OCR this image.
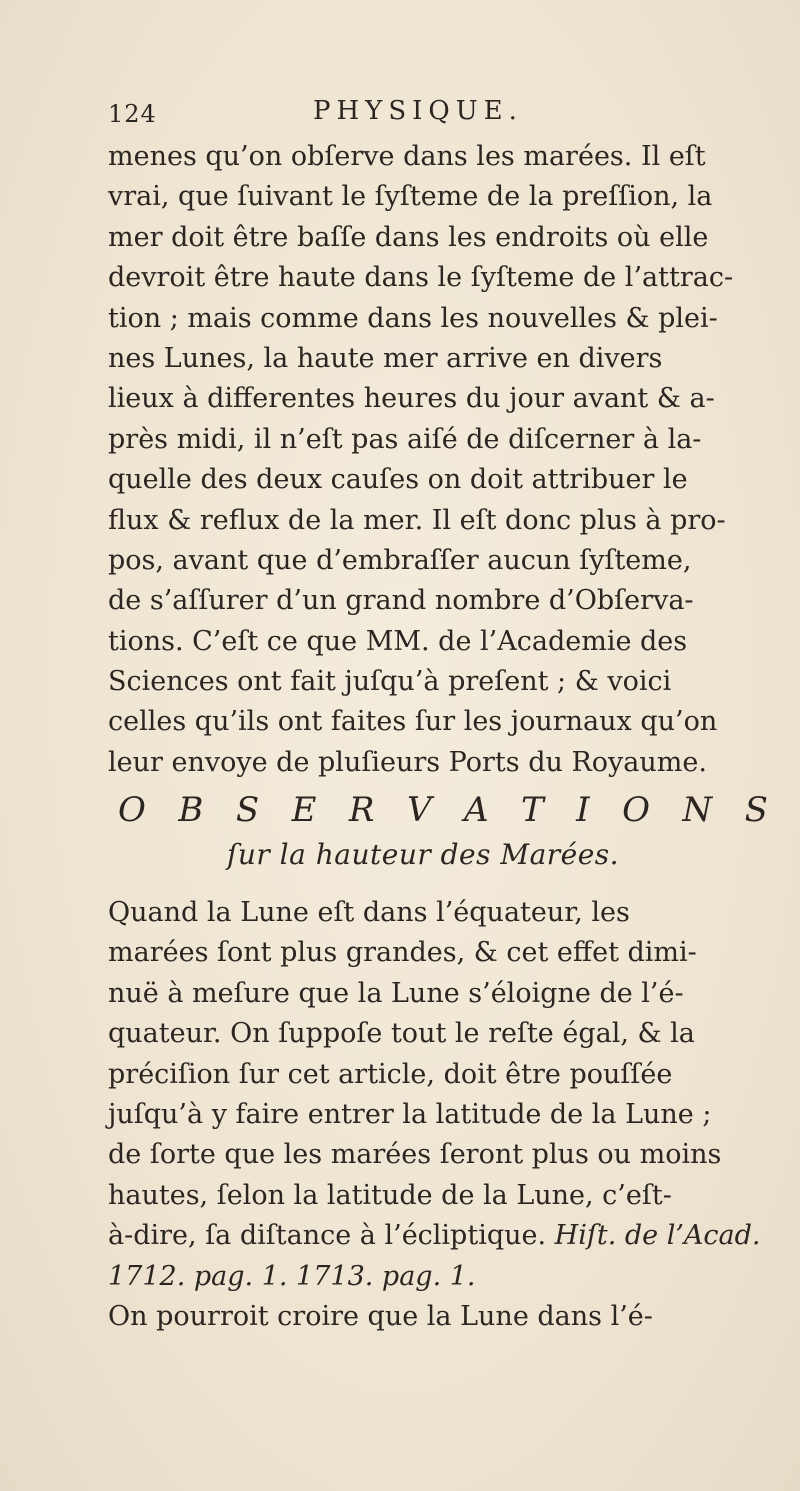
124	PHYSIQUE.
menes qu’on obſerve dans les marées. Il eſt
vrai, que ſuivant le ſyſteme de la preſſion, la
mer doit être baſſe dans les endroits où elle
devroit être haute dans le ſyſteme de l’attrac-
tion ; mais comme dans les nouvelles & plei-
nes Lunes, la haute mer arrive en divers
lieux à differentes heures du jour avant & a-
près midi, il n’eſt pas aiſé de diſcerner à la-
quelle des deux cauſes on doit attribuer le
flux & reflux de la mer. Il eſt donc plus à pro-
pos, avant que d’embraſſer aucun ſyſteme,
de s’aſſurer d’un grand nombre d’Obſerva-
tions. C’eſt ce que MM. de l’Academie des
Sciences ont fait juſqu’à preſent ; & voici
celles qu’ils ont faites ſur les journaux qu’on
leur envoye de pluſieurs Ports du Royaume.
O B S E R V A T I O N S
ſur la hauteur des Marées.
Quand la Lune eſt dans l’équateur, les
marées ſont plus grandes, & cet effet dimi-
nuë à meſure que la Lune s’éloigne de l’é-
quateur. On ſuppoſe tout le reſte égal, & la
préciſion ſur cet article, doit être pouſſée
juſqu’à y faire entrer la latitude de la Lune ;
de ſorte que les marées ſeront plus ou moins
hautes, ſelon la latitude de la Lune, c’eſt-
à-dire, ſa diſtance à l’écliptique. Hiſt. de l’Acad.
1712. pag. 1. 1713. pag. 1.
On pourroit croire que la Lune dans l’é-
